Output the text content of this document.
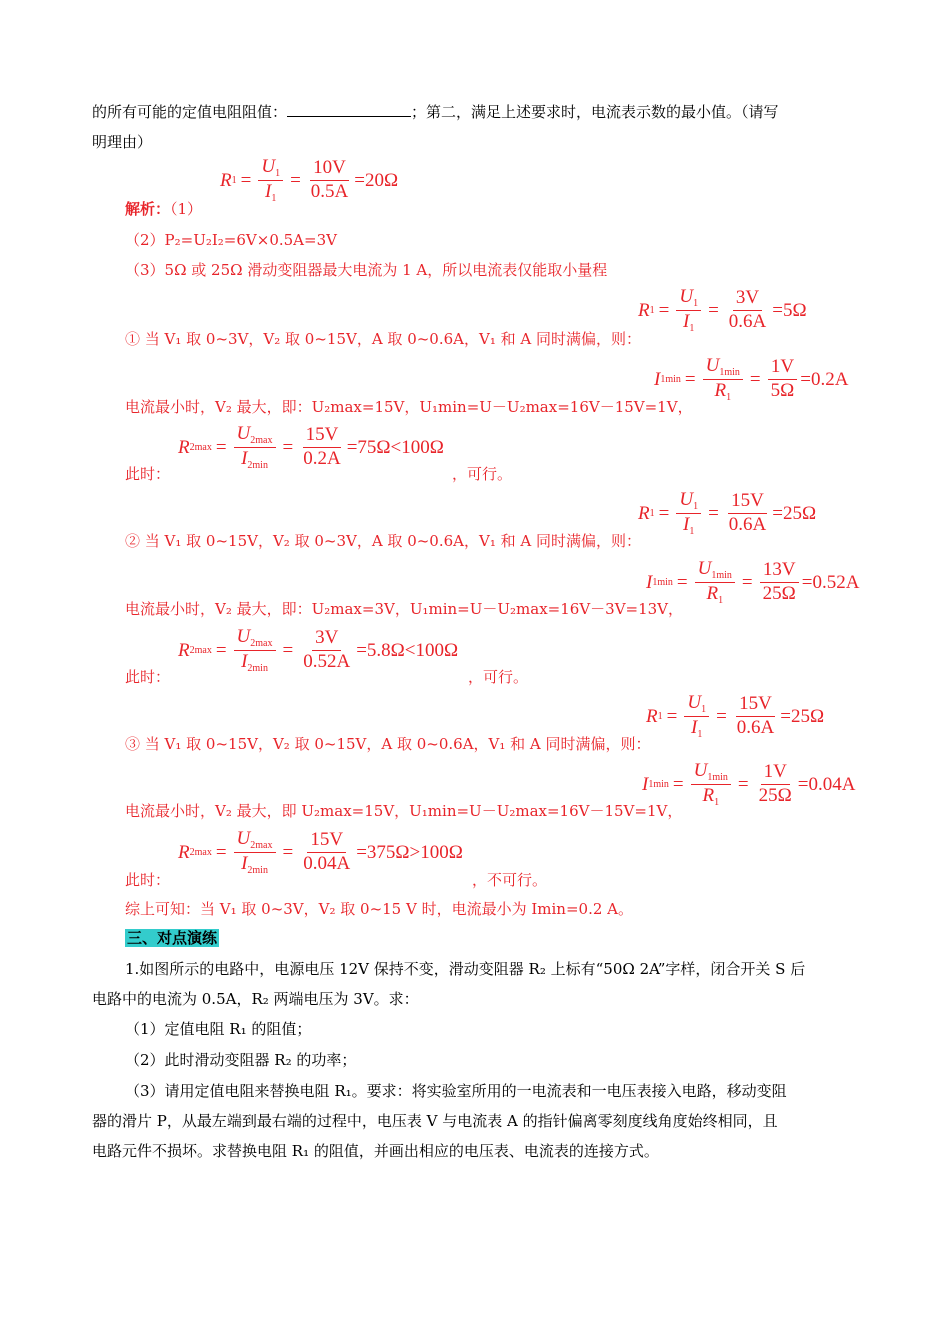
的所有可能的定值电阻阻值：	；第二，满足上述要求时，电流表示数的最小值。（请写
明理由）
解析：（1）
R $1 = \frac{U_1}{I_1} = \frac{10V}{0.5A} =20\Omega$
（2）P₂=U₂I₂=6V×0.5A=3V
（3）5Ω 或 25Ω 滑动变阻器最大电流为 1 A，所以电流表仅能取小量程
R $1 = \frac{U_1}{I_1} = \frac{3V}{0.6A} =5\Omega$
① 当 V₁ 取 0~3V，V₂ 取 0~15V，A 取 0~0.6A，V₁ 和 A 同时满偏，则：
I $1\min = \frac{U_{1min}}{R_1} = \frac{1V}{5\Omega} =0.2A$
电流最小时，V₂ 最大，即：U₂max=15V，U₁min=U－U₂max=16V－15V=1V，
R $2\max = \frac{U_{2max}}{I_{2min}} = \frac{15V}{0.2A} =75\Omega<100\Omega$
此时：	，可行。
R $1 = \frac{U_1}{I_1} = \frac{15V}{0.6A} =25\Omega$
② 当 V₁ 取 0~15V，V₂ 取 0~3V，A 取 0~0.6A，V₁ 和 A 同时满偏，则：
I $1\min = \frac{U_{1min}}{R_1} = \frac{13V}{25\Omega} =0.52A$
电流最小时，V₂ 最大，即：U₂max=3V，U₁min=U－U₂max=16V－3V=13V，
R $2\max = \frac{U_{2max}}{I_{2min}} = \frac{3V}{0.52A} =5.8\Omega<100\Omega$
此时：	，可行。
R $1 = \frac{U_1}{I_1} = \frac{15V}{0.6A} =25\Omega$
③ 当 V₁ 取 0~15V，V₂ 取 0~15V，A 取 0~0.6A，V₁ 和 A 同时满偏，则：
I $1\min = \frac{U_{1min}}{R_1} = \frac{1V}{25\Omega} =0.04A$
电流最小时，V₂ 最大，即 U₂max=15V，U₁min=U－U₂max=16V－15V=1V，
R $2\max = \frac{U_{2max}}{I_{2min}} = \frac{15V}{0.04A} =375\Omega>100\Omega$
此时：	，不可行。
综上可知：当 V₁ 取 0~3V，V₂ 取 0~15 V 时，电流最小为 Imin=0.2 A。
三、对点演练
1.如图所示的电路中，电源电压 12V 保持不变，滑动变阻器 R₂ 上标有“50Ω 2A”字样，闭合开关 S 后
电路中的电流为 0.5A，R₂ 两端电压为 3V。求：
（1）定值电阻 R₁ 的阻值；
（2）此时滑动变阻器 R₂ 的功率；
（3）请用定值电阻来替换电阻 R₁。要求：将实验室所用的一电流表和一电压表接入电路，移动变阻
器的滑片 P，从最左端到最右端的过程中，电压表 V 与电流表 A 的指针偏离零刻度线角度始终相同，且
电路元件不损坏。求替换电阻 R₁ 的阻值，并画出相应的电压表、电流表的连接方式。
